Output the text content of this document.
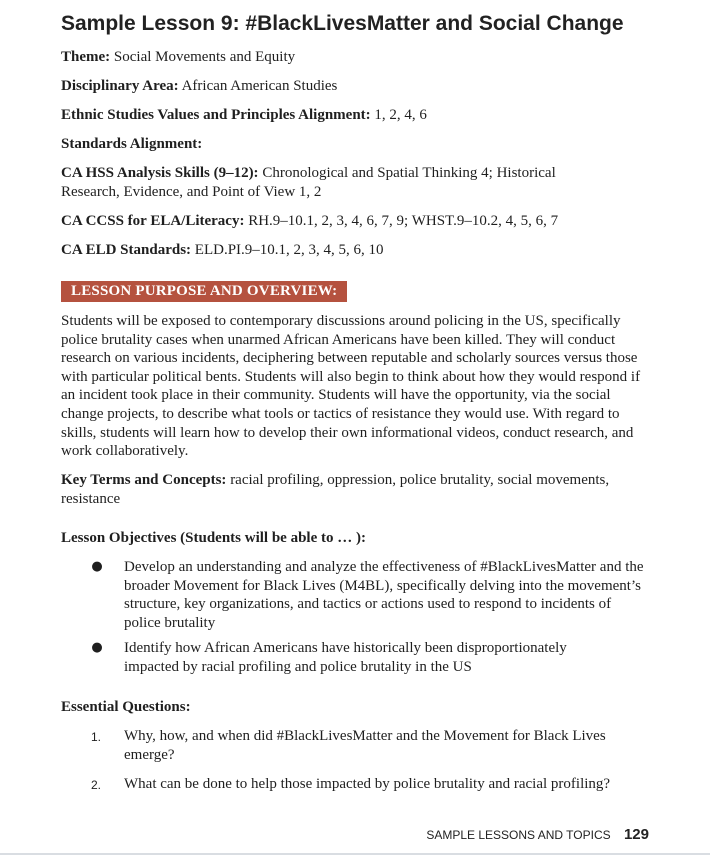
Sample Lesson 9: #BlackLivesMatter and Social Change
Theme: Social Movements and Equity
Disciplinary Area: African American Studies
Ethnic Studies Values and Principles Alignment: 1, 2, 4, 6
Standards Alignment:
CA HSS Analysis Skills (9–12): Chronological and Spatial Thinking 4; Historical Research, Evidence, and Point of View 1, 2
CA CCSS for ELA/Literacy: RH.9–10.1, 2, 3, 4, 6, 7, 9; WHST.9–10.2, 4, 5, 6, 7
CA ELD Standards: ELD.PI.9–10.1, 2, 3, 4, 5, 6, 10
LESSON PURPOSE AND OVERVIEW:
Students will be exposed to contemporary discussions around policing in the US, specifically police brutality cases when unarmed African Americans have been killed. They will conduct research on various incidents, deciphering between reputable and scholarly sources versus those with particular political bents. Students will also begin to think about how they would respond if an incident took place in their community. Students will have the opportunity, via the social change projects, to describe what tools or tactics of resistance they would use. With regard to skills, students will learn how to develop their own informational videos, conduct research, and work collaboratively.
Key Terms and Concepts: racial profiling, oppression, police brutality, social movements, resistance
Lesson Objectives (Students will be able to … ):
● Develop an understanding and analyze the effectiveness of #BlackLivesMatter and the broader Movement for Black Lives (M4BL), specifically delving into the movement’s structure, key organizations, and tactics or actions used to respond to incidents of police brutality
● Identify how African Americans have historically been disproportionately impacted by racial profiling and police brutality in the US
Essential Questions:
1. Why, how, and when did #BlackLivesMatter and the Movement for Black Lives emerge?
2. What can be done to help those impacted by police brutality and racial profiling?
SAMPLE LESSONS AND TOPICS 129
